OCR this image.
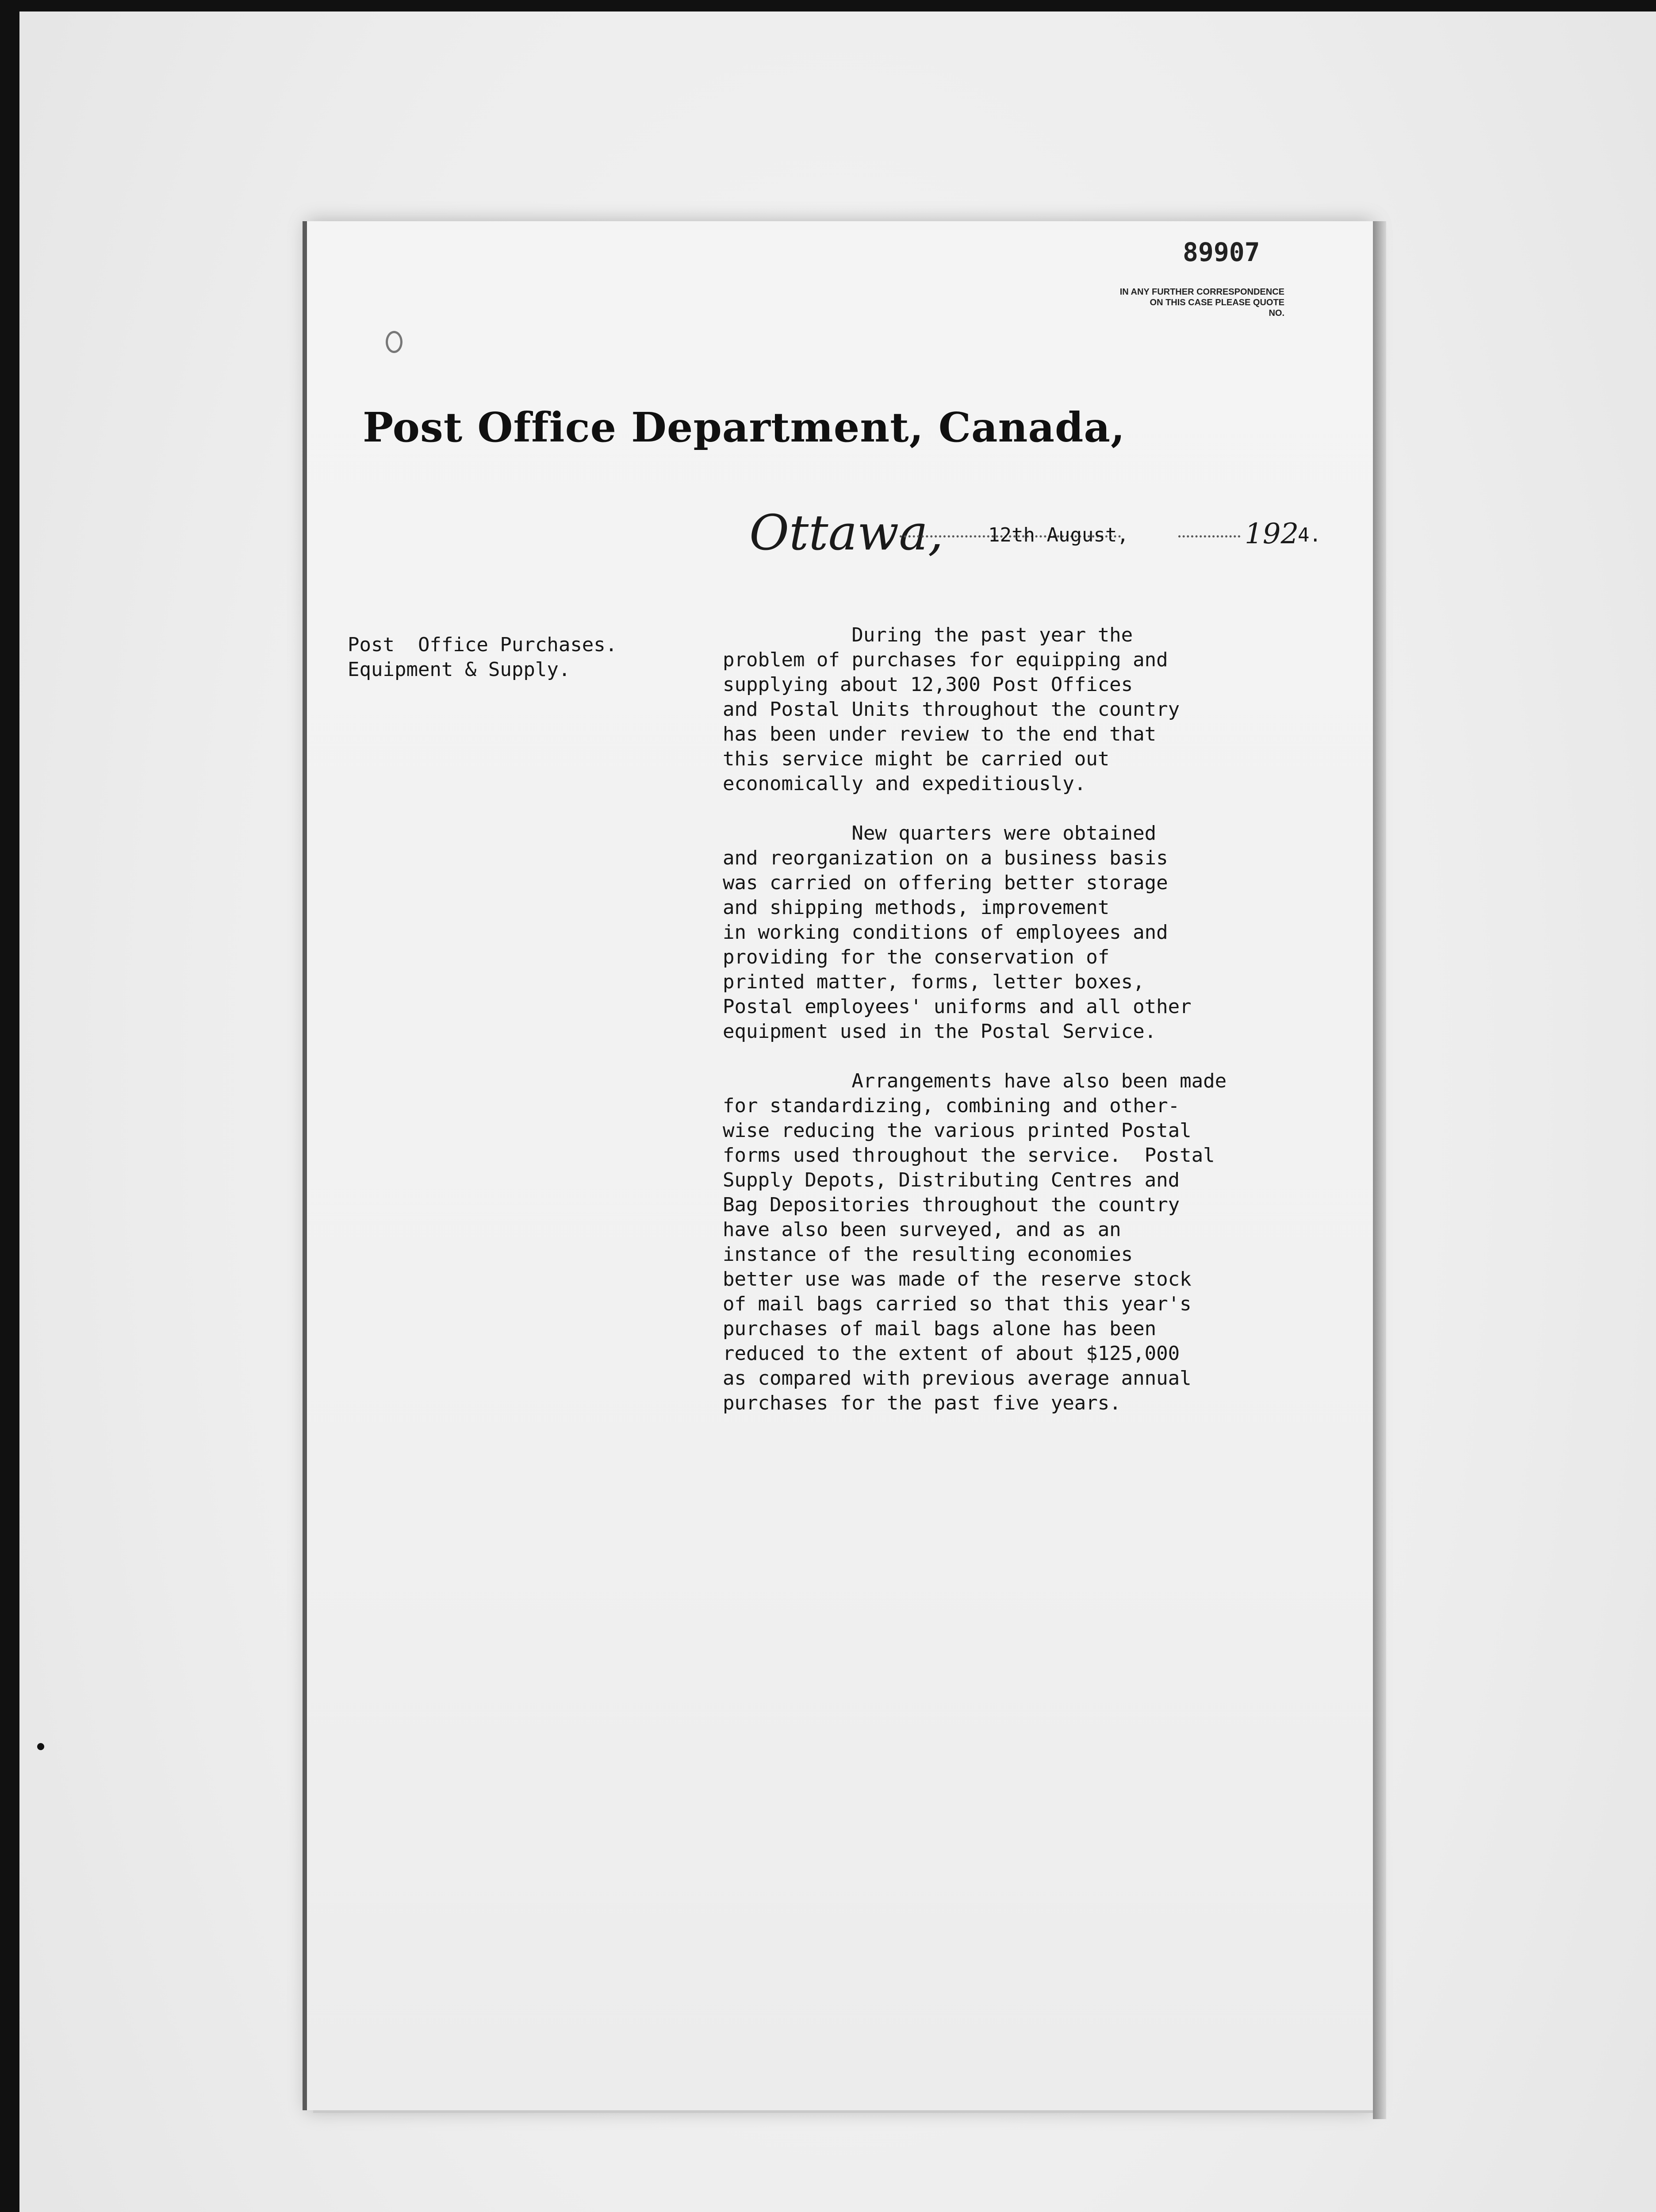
89907
IN ANY FURTHER CORRESPONDENCE
ON THIS CASE PLEASE QUOTE
NO.
Post Office Department, Canada,
Ottawa, 12th August,	192
4.
Post  Office Purchases.
Equipment & Supply.
During the past year the
problem of purchases for equipping and
supplying about 12,300 Post Offices
and Postal Units throughout the country
has been under review to the end that
this service might be carried out
economically and expeditiously.

New quarters were obtained
and reorganization on a business basis
was carried on offering better storage
and shipping methods, improvement
in working conditions of employees and
providing for the conservation of
printed matter, forms, letter boxes,
Postal employees' uniforms and all other
equipment used in the Postal Service.

Arrangements have also been made
for standardizing, combining and other-
wise reducing the various printed Postal
forms used throughout the service.  Postal
Supply Depots, Distributing Centres and
Bag Depositories throughout the country
have also been surveyed, and as an
instance of the resulting economies
better use was made of the reserve stock
of mail bags carried so that this year's
purchases of mail bags alone has been
reduced to the extent of about $125,000
as compared with previous average annual
purchases for the past five years.
